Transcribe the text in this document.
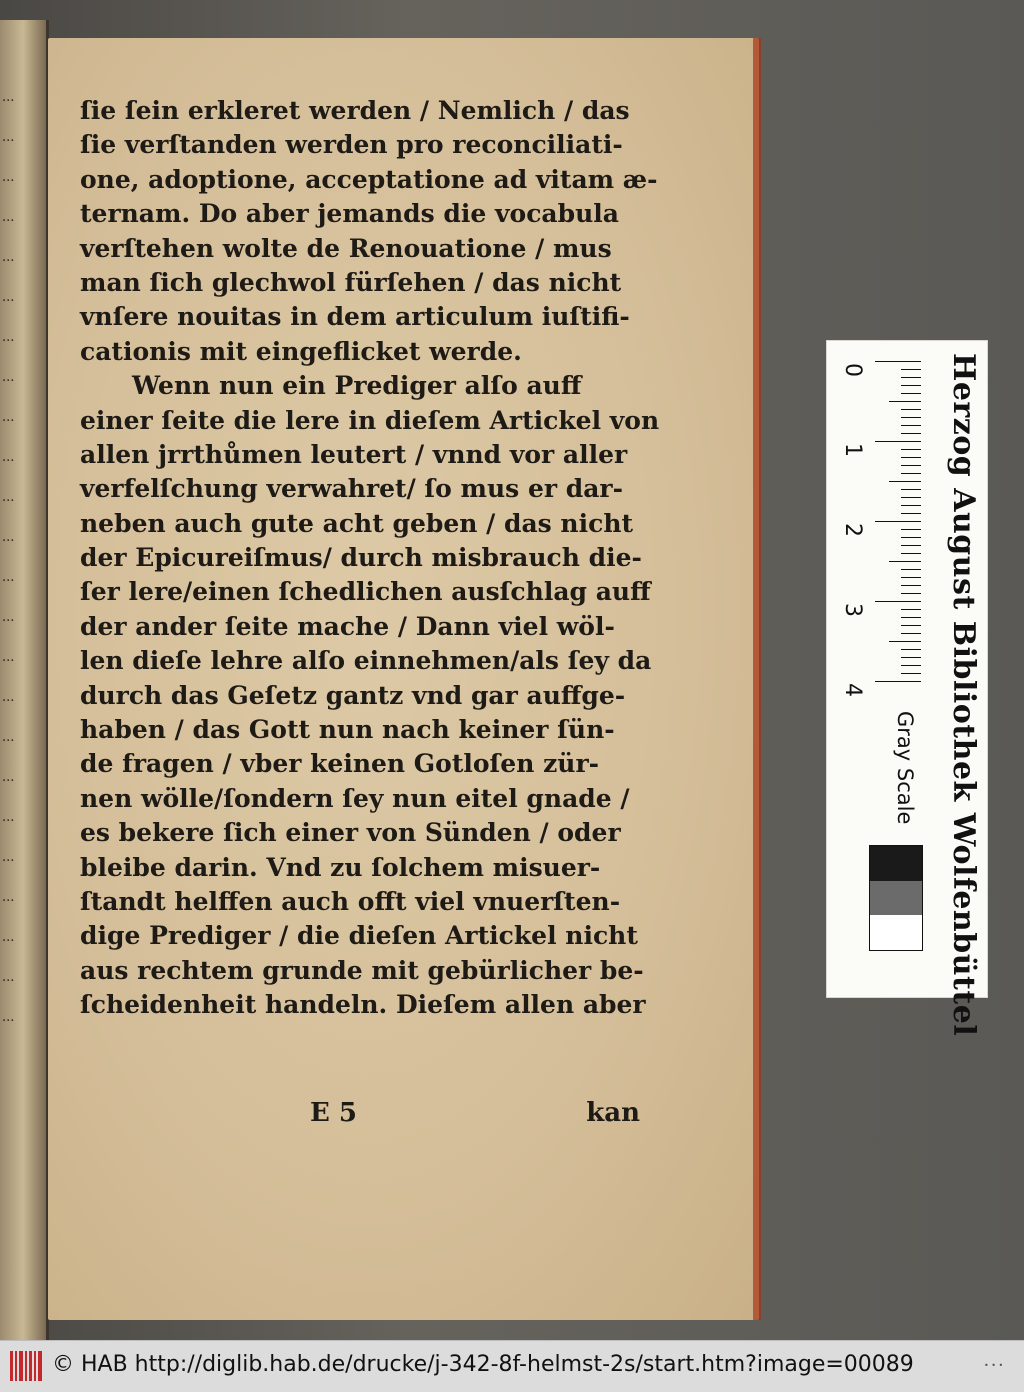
...
...
...
...
...
...
...
...
...
...
...
...
...
...
...
...
...
...
...
...
...
...
...
...
ſie ſein erkleret werden / Nemlich / das
ſie verſtanden werden pro reconciliati-
one, adoptione, acceptatione ad vitam æ-
ternam. Do aber jemands die vocabula
verſtehen wolte de Renouatione / mus
man ſich glechwol fürſehen / das nicht
vnſere nouitas in dem articulum iuſtifi-
cationis mit eingeflicket werde.
Wenn nun ein Prediger alſo auff
einer ſeite die lere in dieſem Artickel von
allen jrrthůmen leutert / vnnd vor aller
verfelſchung verwahret/ ſo mus er dar-
neben auch gute acht geben / das nicht
der Epicureiſmus/ durch misbrauch die-
ſer lere/einen ſchedlichen ausſchlag auff
der ander ſeite mache / Dann viel wöl-
len dieſe lehre alſo einnehmen/als ſey da
durch das Geſetz gantz vnd gar auffge-
haben / das Gott nun nach keiner ſün-
de fragen / vber keinen Gotloſen zür-
nen wölle/ſondern ſey nun eitel gnade /
es bekere ſich einer von Sünden / oder
bleibe darin. Vnd zu ſolchem misuer-
ſtandt helffen auch offt viel vnuerſten-
dige Prediger / die dieſen Artickel nicht
aus rechtem grunde mit gebürlicher be-
ſcheidenheit handeln. Dieſem allen aber
E 5	kan
Herzog August Bibliothek Wolfenbüttel
0
1
2
3
4
Gray Scale
© HAB http://diglib.hab.de/drucke/j-342-8f-helmst-2s/start.htm?image=00089	• • •
